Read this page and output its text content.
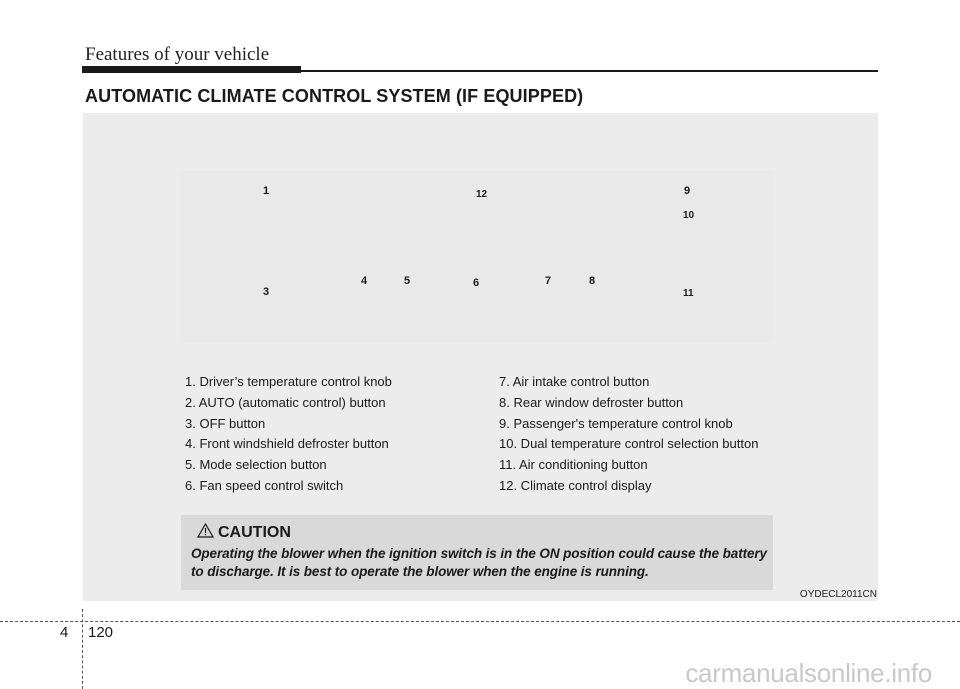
Features of your vehicle
AUTOMATIC CLIMATE CONTROL SYSTEM (IF EQUIPPED)
1	12	9
10
3
4	5	6	7	8
11
1. Driver’s temperature control knob
2. AUTO (automatic control) button
3. OFF button
4. Front windshield defroster button
5. Mode selection button
6. Fan speed control switch
7. Air intake control button
8. Rear window defroster button
9. Passenger's temperature control knob
10. Dual temperature control selection button
11. Air conditioning button
12. Climate control display
CAUTION
Operating the blower when the ignition switch is in the ON position could cause the battery to discharge. It is best to operate the blower when the engine is running.
OYDECL2011CN
4 120
carmanualsonline.info
